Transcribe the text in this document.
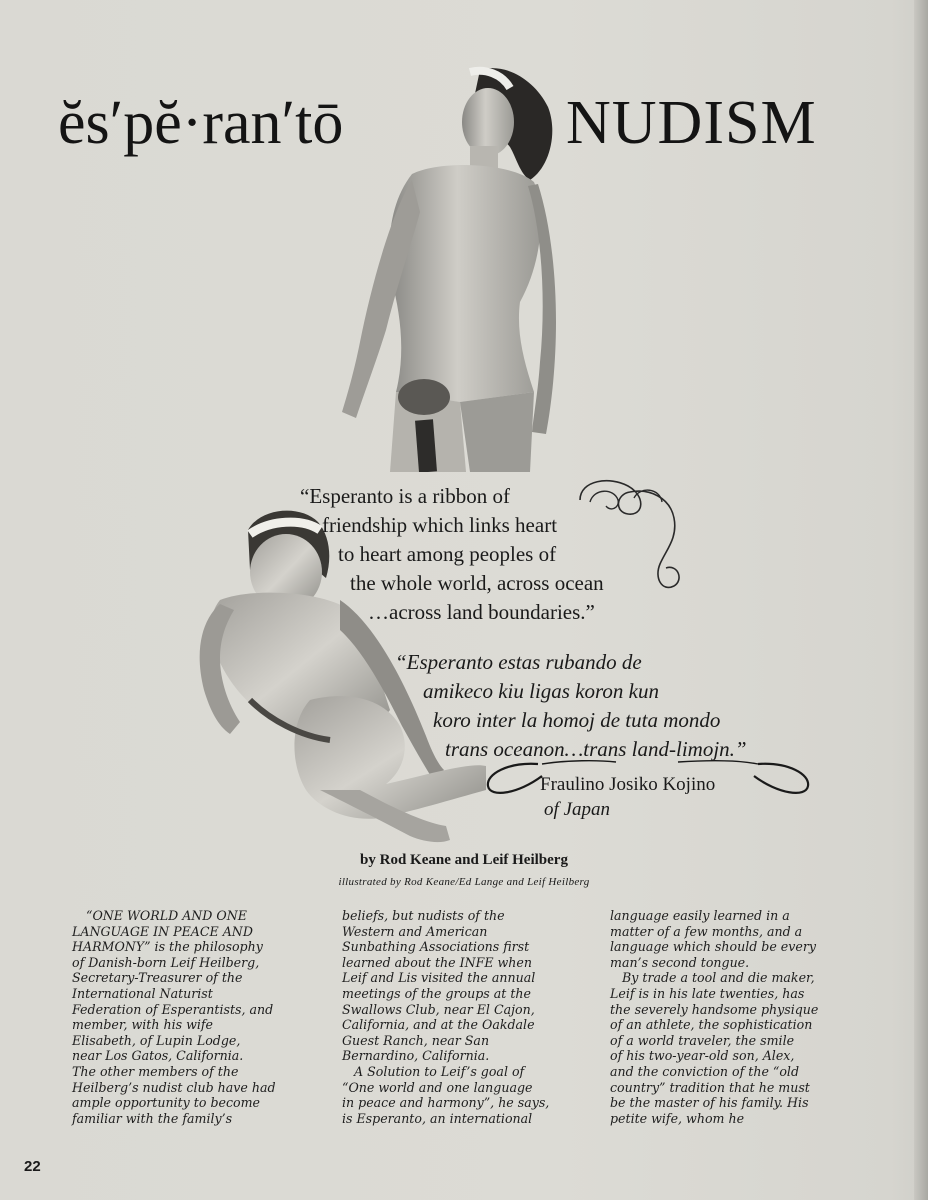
ĕs′pĕ·ran′tō	NUDISM
“Esperanto is a ribbon of
friendship which links heart
to heart among peoples of
the whole world, across ocean
…across land boundaries.”
“Esperanto estas rubando de
amikeco kiu ligas koron kun
koro inter la homoj de tuta mondo
trans oceanon…trans land-limojn.”
Fraulino Josiko Kojino
of Japan
by Rod Keane and Leif Heilberg
illustrated by Rod Keane/Ed Lange and Leif Heilberg
“ONE WORLD AND ONE
LANGUAGE IN PEACE AND
HARMONY” is the philosophy
of Danish-born Leif Heilberg,
Secretary-Treasurer of the
International Naturist
Federation of Esperantists, and
member, with his wife
Elisabeth, of Lupin Lodge,
near Los Gatos, California.
The other members of the
Heilberg’s nudist club have had
ample opportunity to become
familiar with the family’s
beliefs, but nudists of the
Western and American
Sunbathing Associations first
learned about the INFE when
Leif and Lis visited the annual
meetings of the groups at the
Swallows Club, near El Cajon,
California, and at the Oakdale
Guest Ranch, near San
Bernardino, California.
A Solution to Leif’s goal of
“One world and one language
in peace and harmony”, he says,
is Esperanto, an international
language easily learned in a
matter of a few months, and a
language which should be every
man’s second tongue.
By trade a tool and die maker,
Leif is in his late twenties, has
the severely handsome physique
of an athlete, the sophistication
of a world traveler, the smile
of his two-year-old son, Alex,
and the conviction of the “old
country” tradition that he must
be the master of his family. His
petite wife, whom he
22
